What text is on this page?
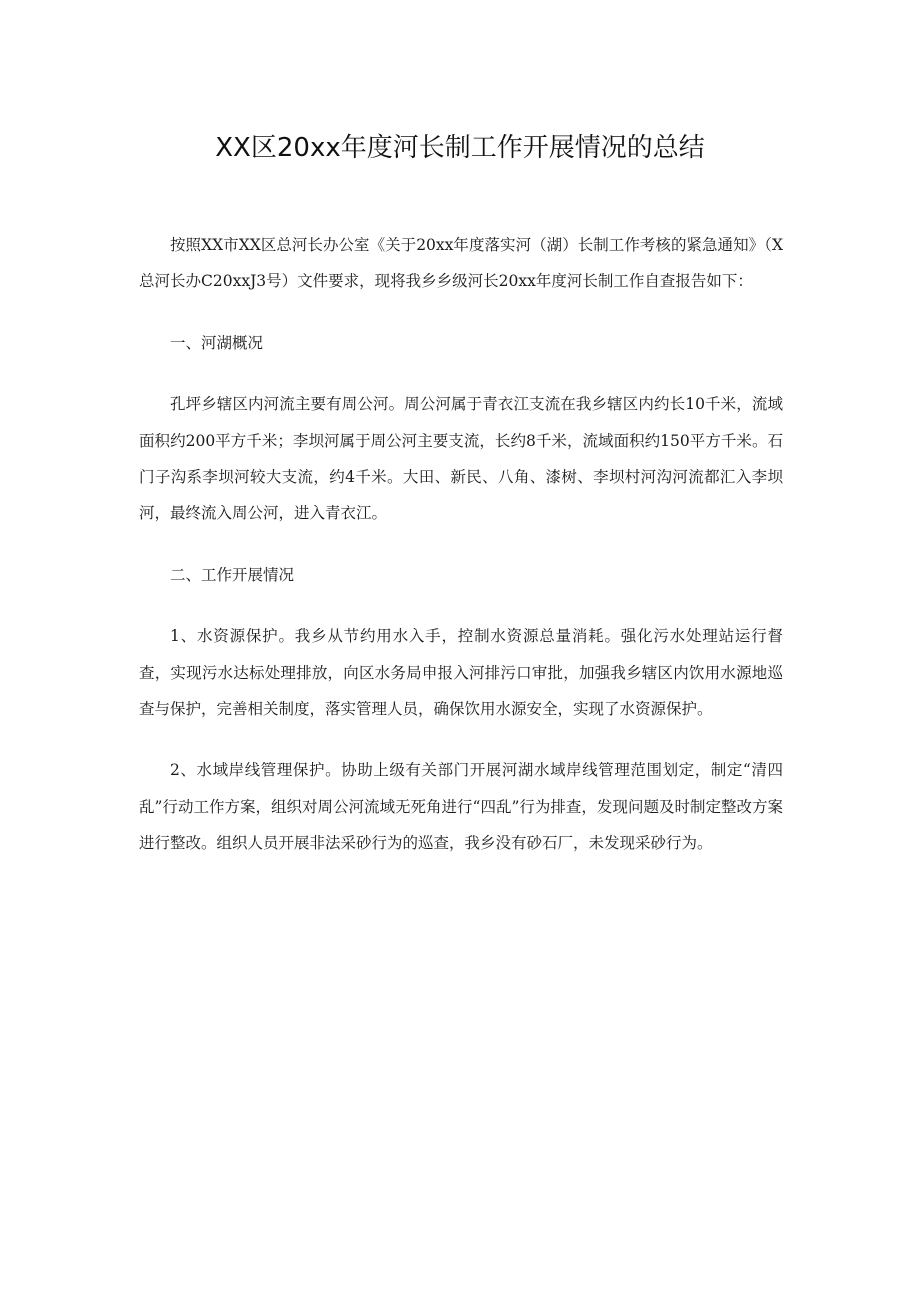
XX区20xx年度河长制工作开展情况的总结

按照XX市XX区总河长办公室《关于20xx年度落实河（湖）长制工作考核的紧急通知》（X总河长办C20xxJ3号）文件要求，现将我乡乡级河长20xx年度河长制工作自查报告如下：

一、河湖概况

孔坪乡辖区内河流主要有周公河。周公河属于青衣江支流在我乡辖区内约长10千米，流域面积约200平方千米；李坝河属于周公河主要支流，长约8千米，流域面积约150平方千米。石门子沟系李坝河较大支流，约4千米。大田、新民、八角、漆树、李坝村河沟河流都汇入李坝河，最终流入周公河，进入青衣江。

二、工作开展情况

1、水资源保护。我乡从节约用水入手，控制水资源总量消耗。强化污水处理站运行督查，实现污水达标处理排放，向区水务局申报入河排污口审批，加强我乡辖区内饮用水源地巡查与保护，完善相关制度，落实管理人员，确保饮用水源安全，实现了水资源保护。

2、水域岸线管理保护。协助上级有关部门开展河湖水域岸线管理范围划定，制定“清四乱”行动工作方案，组织对周公河流域无死角进行“四乱”行为排查，发现问题及时制定整改方案进行整改。组织人员开展非法采砂行为的巡查，我乡没有砂石厂，未发现采砂行为。
